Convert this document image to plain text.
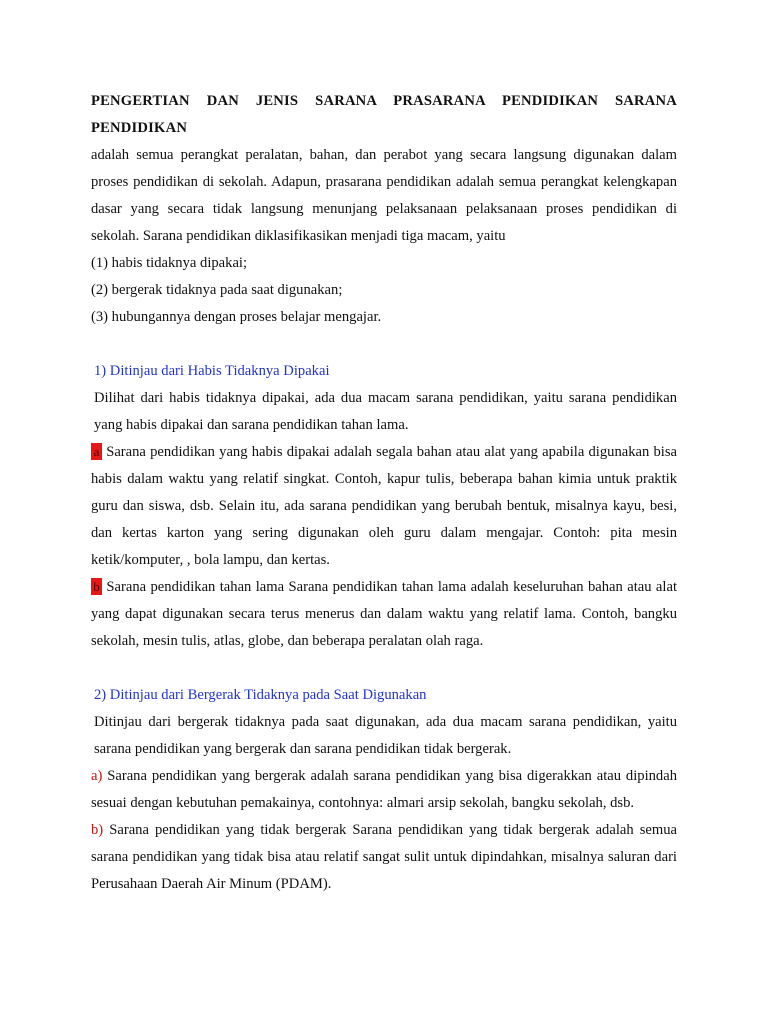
PENGERTIAN DAN JENIS SARANA PRASARANA PENDIDIKAN SARANA

PENDIDIKAN

adalah semua perangkat peralatan, bahan, dan perabot yang secara langsung digunakan dalam proses pendidikan di sekolah. Adapun, prasarana pendidikan adalah semua perangkat kelengkapan dasar yang secara tidak langsung menunjang pelaksanaan pelaksanaan proses pendidikan di sekolah. Sarana pendidikan diklasifikasikan menjadi tiga macam, yaitu

(1) habis tidaknya dipakai;

(2) bergerak tidaknya pada saat digunakan;

(3) hubungannya dengan proses belajar mengajar.

1) Ditinjau dari Habis Tidaknya Dipakai

Dilihat dari habis tidaknya dipakai, ada dua macam sarana pendidikan, yaitu sarana pendidikan yang habis dipakai dan sarana pendidikan tahan lama.

a Sarana pendidikan yang habis dipakai adalah segala bahan atau alat yang apabila digunakan bisa habis dalam waktu yang relatif singkat. Contoh, kapur tulis, beberapa bahan kimia untuk praktik guru dan siswa, dsb. Selain itu, ada sarana pendidikan yang berubah bentuk, misalnya kayu, besi, dan kertas karton yang sering digunakan oleh guru dalam mengajar. Contoh: pita mesin ketik/komputer, , bola lampu, dan kertas.

b Sarana pendidikan tahan lama Sarana pendidikan tahan lama adalah keseluruhan bahan atau alat yang dapat digunakan secara terus menerus dan dalam waktu yang relatif lama. Contoh, bangku sekolah, mesin tulis, atlas, globe, dan beberapa peralatan olah raga.

2) Ditinjau dari Bergerak Tidaknya pada Saat Digunakan

Ditinjau dari bergerak tidaknya pada saat digunakan, ada dua macam sarana pendidikan, yaitu sarana pendidikan yang bergerak dan sarana pendidikan tidak bergerak.

a) Sarana pendidikan yang bergerak adalah sarana pendidikan yang bisa digerakkan atau dipindah sesuai dengan kebutuhan pemakainya, contohnya: almari arsip sekolah, bangku sekolah, dsb.

b) Sarana pendidikan yang tidak bergerak Sarana pendidikan yang tidak bergerak adalah semua sarana pendidikan yang tidak bisa atau relatif sangat sulit untuk dipindahkan, misalnya saluran dari Perusahaan Daerah Air Minum (PDAM).
